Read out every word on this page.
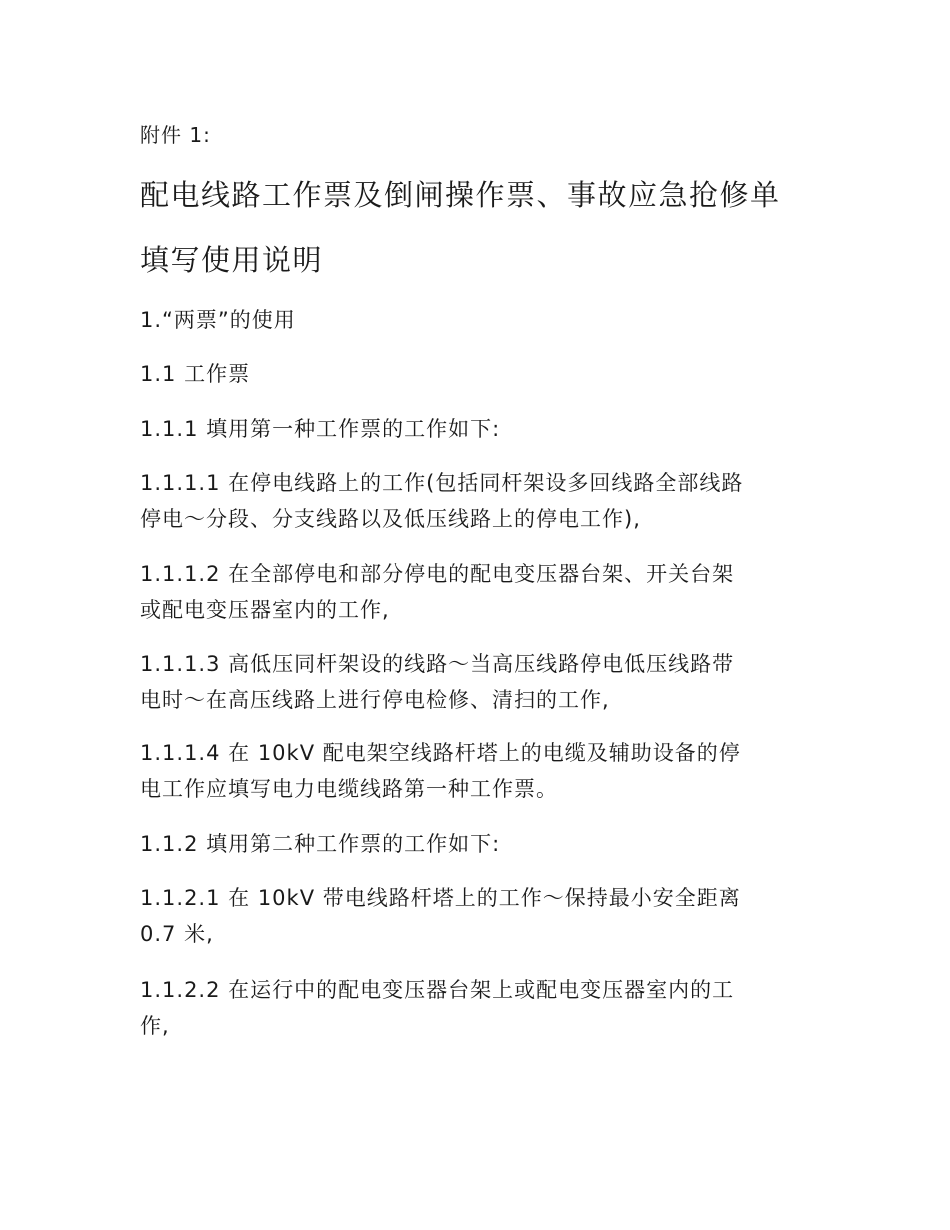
附件 1:
配电线路工作票及倒闸操作票、事故应急抢修单
填写使用说明
1.“两票”的使用
1.1 工作票
1.1.1 填用第一种工作票的工作如下:
1.1.1.1 在停电线路上的工作(包括同杆架设多回线路全部线路
停电～分段、分支线路以及低压线路上的停电工作),
1.1.1.2 在全部停电和部分停电的配电变压器台架、开关台架
或配电变压器室内的工作,
1.1.1.3 高低压同杆架设的线路～当高压线路停电低压线路带
电时～在高压线路上进行停电检修、清扫的工作,
1.1.1.4 在 10kV 配电架空线路杆塔上的电缆及辅助设备的停
电工作应填写电力电缆线路第一种工作票。
1.1.2 填用第二种工作票的工作如下:
1.1.2.1 在 10kV 带电线路杆塔上的工作～保持最小安全距离
0.7 米,
1.1.2.2 在运行中的配电变压器台架上或配电变压器室内的工
作,
